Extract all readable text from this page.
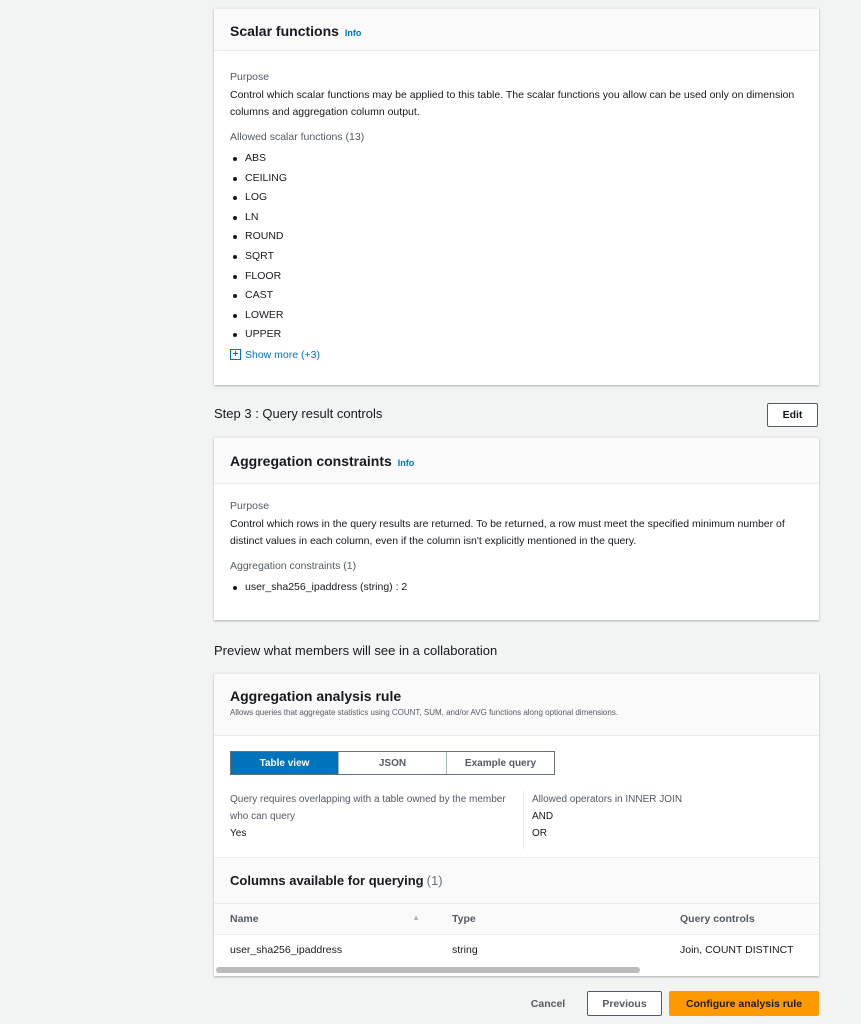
Scalar functions Info
Purpose
Control which scalar functions may be applied to this table. The scalar functions you allow can be used only on dimension columns and aggregation column output.
Allowed scalar functions (13)
ABS
CEILING
LOG
LN
ROUND
SQRT
FLOOR
CAST
LOWER
UPPER
+ Show more (+3)
Step 3 : Query result controls	Edit
Aggregation constraints Info
Purpose
Control which rows in the query results are returned. To be returned, a row must meet the specified minimum number of distinct values in each column, even if the column isn't explicitly mentioned in the query.
Aggregation constraints (1)
user_sha256_ipaddress (string) : 2
Preview what members will see in a collaboration
Aggregation analysis rule
Allows queries that aggregate statistics using COUNT, SUM, and/or AVG functions along optional dimensions.
Table view	JSON	Example query
Query requires overlapping with a table owned by the member who can query
Yes
Allowed operators in INNER JOIN
AND
OR
Columns available for querying (1)
Name ▲	Type	Query controls
user_sha256_ipaddress	string	Join, COUNT DISTINCT
Cancel	Previous	Configure analysis rule
